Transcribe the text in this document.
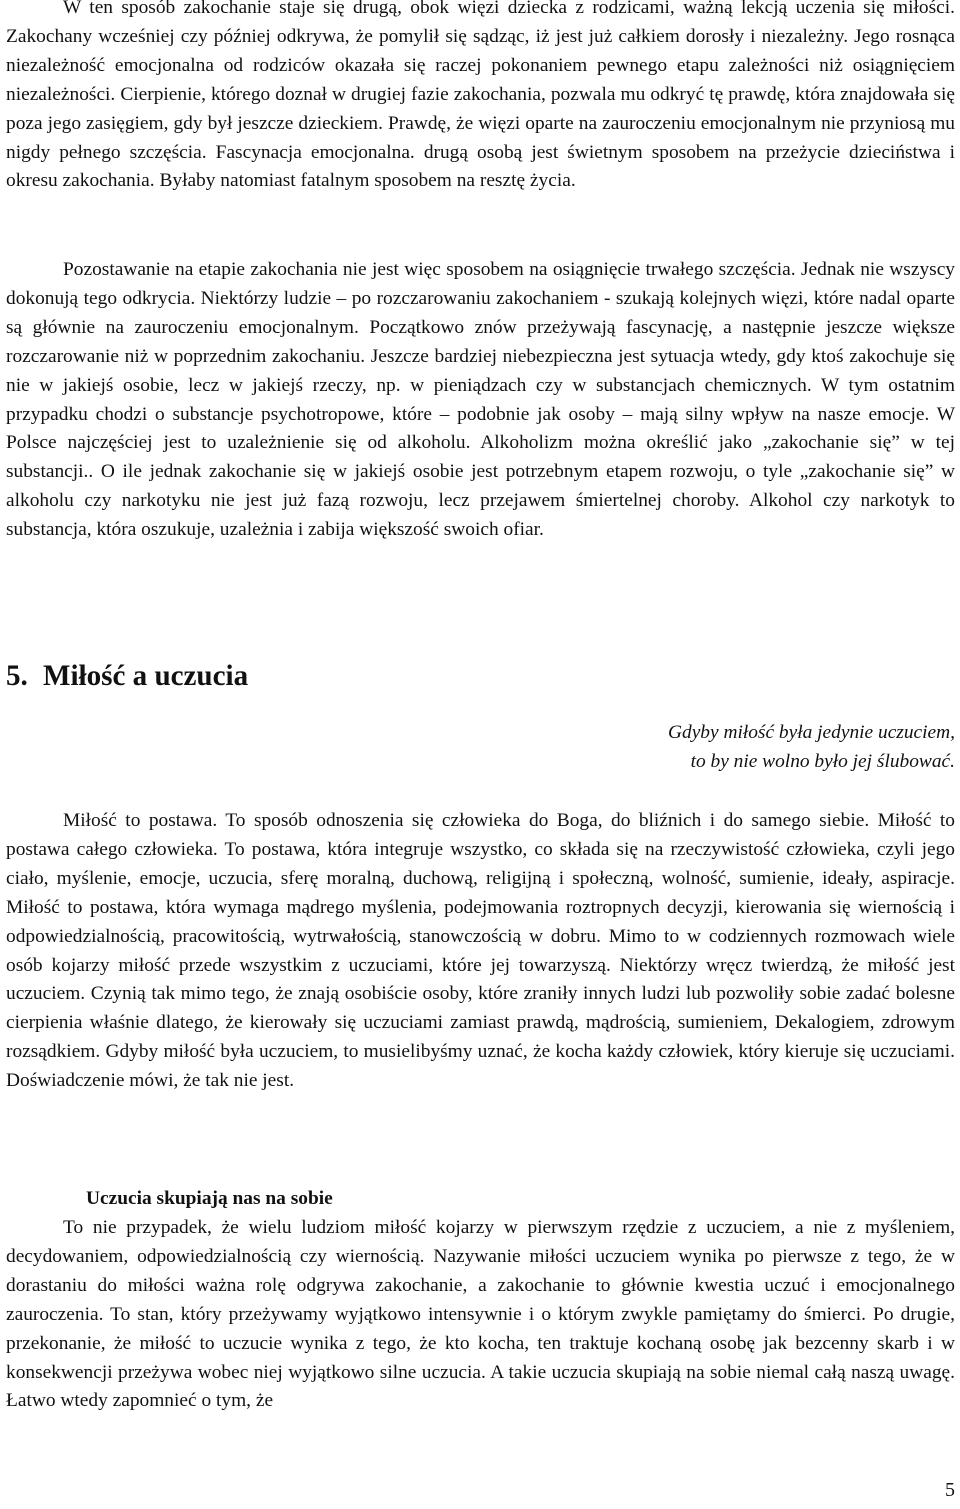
W ten sposób zakochanie staje się drugą, obok więzi dziecka z rodzicami, ważną lekcją uczenia się miłości. Zakochany wcześniej czy później odkrywa, że pomylił się sądząc, iż jest już całkiem dorosły i niezależny. Jego rosnąca niezależność emocjonalna od rodziców okazała się raczej pokonaniem pewnego etapu zależności niż osiągnięciem niezależności. Cierpienie, którego doznał w drugiej fazie zakochania, pozwala mu odkryć tę prawdę, która znajdowała się poza jego zasięgiem, gdy był jeszcze dzieckiem. Prawdę, że więzi oparte na zauroczeniu emocjonalnym nie przyniosą mu nigdy pełnego szczęścia. Fascynacja emocjonalna. drugą osobą jest świetnym sposobem na przeżycie dzieciństwa i okresu zakochania. Byłaby natomiast fatalnym sposobem na resztę życia.

Pozostawanie na etapie zakochania nie jest więc sposobem na osiągnięcie trwałego szczęścia. Jednak nie wszyscy dokonują tego odkrycia. Niektórzy ludzie – po rozczarowaniu zakochaniem - szukają kolejnych więzi, które nadal oparte są głównie na zauroczeniu emocjonalnym. Początkowo znów przeżywają fascynację, a następnie jeszcze większe rozczarowanie niż w poprzednim zakochaniu. Jeszcze bardziej niebezpieczna jest sytuacja wtedy, gdy ktoś zakochuje się nie w jakiejś osobie, lecz w jakiejś rzeczy, np. w pieniądzach czy w substancjach chemicznych. W tym ostatnim przypadku chodzi o substancje psychotropowe, które – podobnie jak osoby – mają silny wpływ na nasze emocje. W Polsce najczęściej jest to uzależnienie się od alkoholu. Alkoholizm można określić jako „zakochanie się” w tej substancji.. O ile jednak zakochanie się w jakiejś osobie jest potrzebnym etapem rozwoju, o tyle „zakochanie się” w alkoholu czy narkotyku nie jest już fazą rozwoju, lecz przejawem śmiertelnej choroby. Alkohol czy narkotyk to substancja, która oszukuje, uzależnia i zabija większość swoich ofiar.

5. Miłość a uczucia
Gdyby miłość była jedynie uczuciem,
to by nie wolno było jej ślubować.

Miłość to postawa. To sposób odnoszenia się człowieka do Boga, do bliźnich i do samego siebie. Miłość to postawa całego człowieka. To postawa, która integruje wszystko, co składa się na rzeczywistość człowieka, czyli jego ciało, myślenie, emocje, uczucia, sferę moralną, duchową, religijną i społeczną, wolność, sumienie, ideały, aspiracje. Miłość to postawa, która wymaga mądrego myślenia, podejmowania roztropnych decyzji, kierowania się wiernością i odpowiedzialnością, pracowitością, wytrwałością, stanowczością w dobru. Mimo to w codziennych rozmowach wiele osób kojarzy miłość przede wszystkim z uczuciami, które jej towarzyszą. Niektórzy wręcz twierdzą, że miłość jest uczuciem. Czynią tak mimo tego, że znają osobiście osoby, które zraniły innych ludzi lub pozwoliły sobie zadać bolesne cierpienia właśnie dlatego, że kierowały się uczuciami zamiast prawdą, mądrością, sumieniem, Dekalogiem, zdrowym rozsądkiem. Gdyby miłość była uczuciem, to musielibyśmy uznać, że kocha każdy człowiek, który kieruje się uczuciami. Doświadczenie mówi, że tak nie jest.

Uczucia skupiają nas na sobie

To nie przypadek, że wielu ludziom miłość kojarzy w pierwszym rzędzie z uczuciem, a nie z myśleniem, decydowaniem, odpowiedzialnością czy wiernością. Nazywanie miłości uczuciem wynika po pierwsze z tego, że w dorastaniu do miłości ważna rolę odgrywa zakochanie, a zakochanie to głównie kwestia uczuć i emocjonalnego zauroczenia. To stan, który przeżywamy wyjątkowo intensywnie i o którym zwykle pamiętamy do śmierci. Po drugie, przekonanie, że miłość to uczucie wynika z tego, że kto kocha, ten traktuje kochaną osobę jak bezcenny skarb i w konsekwencji przeżywa wobec niej wyjątkowo silne uczucia. A takie uczucia skupiają na sobie niemal całą naszą uwagę. Łatwo wtedy zapomnieć o tym, że

5
